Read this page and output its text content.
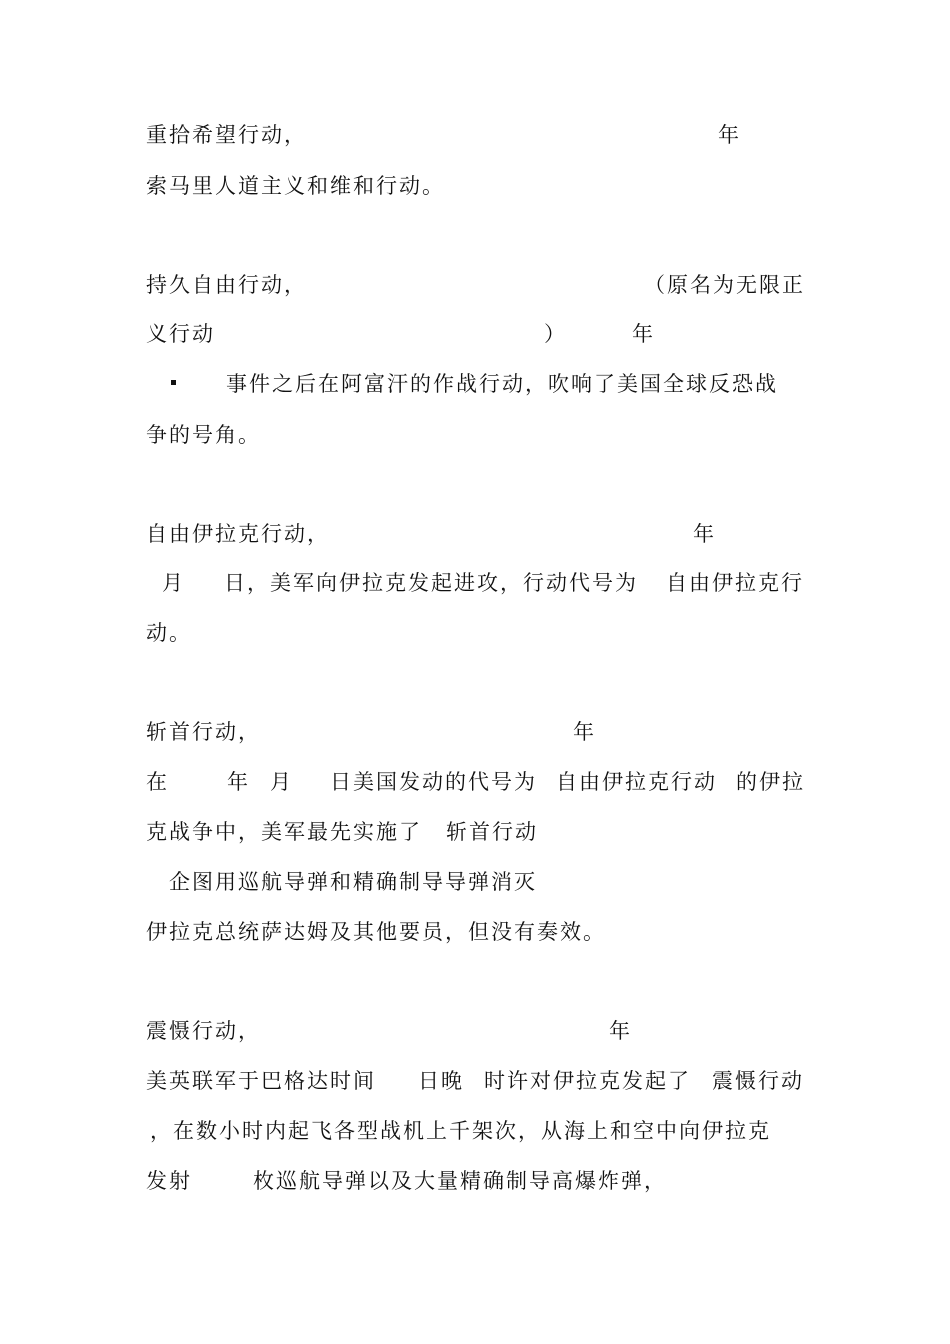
重拾希望行动，	年
索马里人道主义和维和行动。
持久自由行动，	（原名为无限正
义行动	）	年
事件之后在阿富汗的作战行动，吹响了美国全球反恐战
争的号角。
自由伊拉克行动，	年
月 日，美军向伊拉克发起进攻，行动代号为 自由伊拉克行
动。
斩首行动，	年
在	年 月 日美国发动的代号为 自由伊拉克行动 的伊拉
克战争中，美军最先实施了 斩首行动
企图用巡航导弹和精确制导导弹消灭
伊拉克总统萨达姆及其他要员，但没有奏效。
震慑行动，	年
美英联军于巴格达时间 日晚 时许对伊拉克发起了 震慑行动
，在数小时内起飞各型战机上千架次，从海上和空中向伊拉克
发射	枚巡航导弹以及大量精确制导高爆炸弹，
